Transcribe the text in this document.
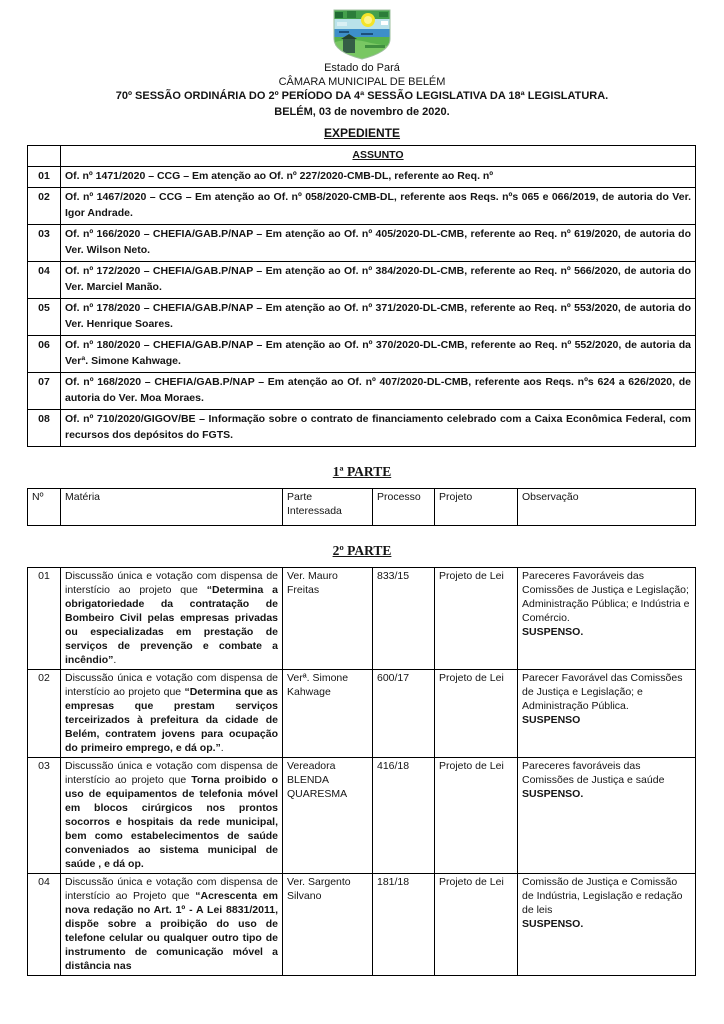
Estado do Pará
CÂMARA MUNICIPAL DE BELÉM
70º SESSÃO ORDINÁRIA DO 2º PERÍODO DA 4ª SESSÃO LEGISLATIVA DA 18ª LEGISLATURA.
BELÉM, 03 de novembro de 2020.
EXPEDIENTE
	ASSUNTO
01	Of. nº 1471/2020 – CCG – Em atenção ao Of. nº 227/2020-CMB-DL, referente ao Req. nº
02	Of. nº 1467/2020 – CCG – Em atenção ao Of. nº 058/2020-CMB-DL, referente aos Reqs. nºs 065 e 066/2019, de autoria do Ver. Igor Andrade.
03	Of. nº 166/2020 – CHEFIA/GAB.P/NAP – Em atenção ao Of. nº 405/2020-DL-CMB, referente ao Req. nº 619/2020, de autoria do Ver. Wilson Neto.
04	Of. nº 172/2020 – CHEFIA/GAB.P/NAP – Em atenção ao Of. nº 384/2020-DL-CMB, referente ao Req. nº 566/2020, de autoria do Ver. Marciel Manão.
05	Of. nº 178/2020 – CHEFIA/GAB.P/NAP – Em atenção ao Of. nº 371/2020-DL-CMB, referente ao Req. nº 553/2020, de autoria do Ver. Henrique Soares.
06	Of. nº 180/2020 – CHEFIA/GAB.P/NAP – Em atenção ao Of. nº 370/2020-DL-CMB, referente ao Req. nº 552/2020, de autoria da Verª. Simone Kahwage.
07	Of. nº 168/2020 – CHEFIA/GAB.P/NAP – Em atenção ao Of. nº 407/2020-DL-CMB, referente aos Reqs. nºs 624 a 626/2020, de autoria do Ver. Moa Moraes.
08	Of. nº 710/2020/GIGOV/BE – Informação sobre o contrato de financiamento celebrado com a Caixa Econômica Federal, com recursos dos depósitos do FGTS.
1ª PARTE
Nº	Matéria	Parte Interessada	Processo	Projeto	Observação
2º PARTE
01	Discussão única e votação com dispensa de interstício ao projeto que “Determina a obrigatoriedade da contratação de Bombeiro Civil pelas empresas privadas ou especializadas em prestação de serviços de prevenção e combate a incêndio”.	Ver. Mauro Freitas	833/15	Projeto de Lei	Pareceres Favoráveis das Comissões de Justiça e Legislação; Administração Pública; e Indústria e Comércio.
SUSPENSO.

02	Discussão única e votação com dispensa de interstício ao projeto que “Determina que as empresas que prestam serviços terceirizados à prefeitura da cidade de Belém, contratem jovens para ocupação do primeiro emprego, e dá op.”.	Verª. Simone Kahwage	600/17	Projeto de Lei	Parecer Favorável das Comissões de Justiça e Legislação; e Administração Pública.
SUSPENSO

03	Discussão única e votação com dispensa de interstício ao projeto que Torna proibido o uso de equipamentos de telefonia móvel em blocos cirúrgicos nos prontos socorros e hospitais da rede municipal, bem como estabelecimentos de saúde conveniados ao sistema municipal de saúde , e dá op.	Vereadora BLENDA QUARESMA	416/18	Projeto de Lei	Pareceres favoráveis das Comissões de Justiça e saúde
SUSPENSO.

04	Discussão única e votação com dispensa de interstício ao Projeto que “Acrescenta em nova redação no Art. 1º - A Lei 8831/2011, dispõe sobre a proibição do uso de telefone celular ou qualquer outro tipo de instrumento de comunicação móvel a distância nas	Ver. Sargento Silvano	181/18	Projeto de Lei	Comissão de Justiça e Comissão de Indústria, Legislação e redação de leis
SUSPENSO.
